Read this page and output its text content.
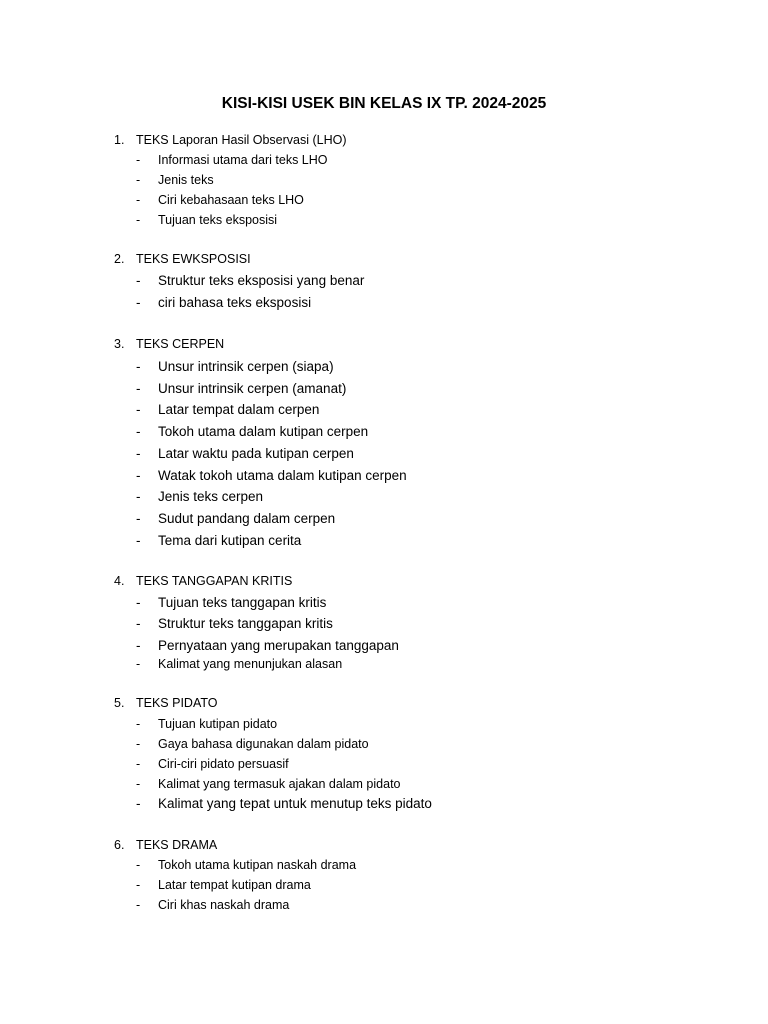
KISI-KISI USEK BIN KELAS IX TP. 2024-2025
1. TEKS Laporan Hasil Observasi (LHO)
- Informasi utama dari teks LHO
- Jenis teks
- Ciri kebahasaan teks LHO
- Tujuan teks eksposisi
2. TEKS EWKSPOSISI
- Struktur teks eksposisi yang benar
- ciri bahasa teks eksposisi
3. TEKS CERPEN
- Unsur intrinsik cerpen (siapa)
- Unsur intrinsik cerpen (amanat)
- Latar tempat dalam cerpen
- Tokoh utama dalam kutipan cerpen
- Latar waktu pada kutipan cerpen
- Watak tokoh utama dalam kutipan cerpen
- Jenis teks cerpen
- Sudut pandang dalam cerpen
- Tema dari kutipan cerita
4. TEKS TANGGAPAN KRITIS
- Tujuan teks tanggapan kritis
- Struktur teks tanggapan kritis
- Pernyataan yang merupakan tanggapan
- Kalimat yang menunjukan alasan
5. TEKS PIDATO
- Tujuan kutipan pidato
- Gaya bahasa digunakan dalam pidato
- Ciri-ciri pidato persuasif
- Kalimat yang termasuk ajakan dalam pidato
- Kalimat yang tepat untuk menutup teks pidato
6. TEKS DRAMA
- Tokoh utama kutipan naskah drama
- Latar tempat kutipan drama
- Ciri khas naskah drama
